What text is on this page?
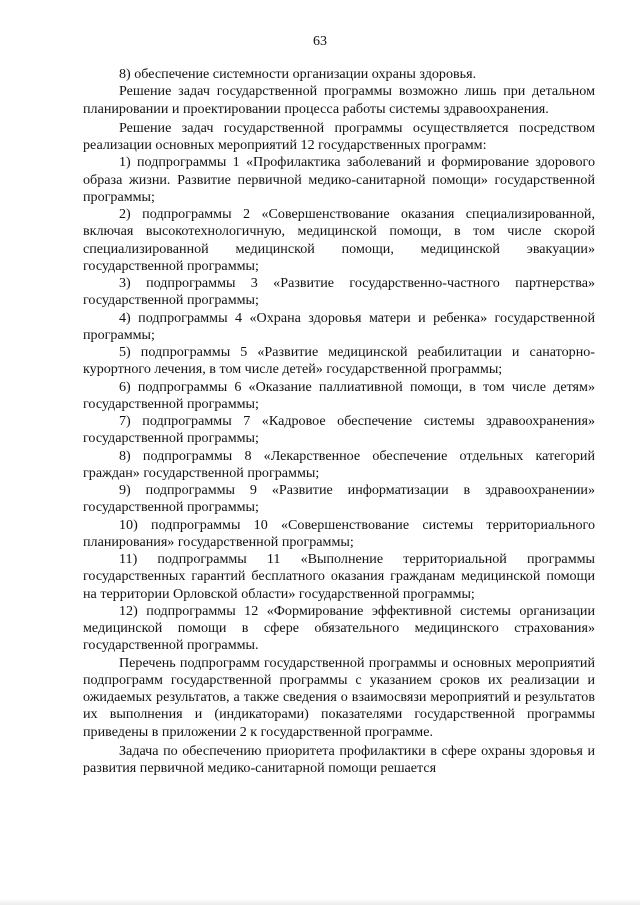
63

8) обеспечение системности организации охраны здоровья.

Решение задач государственной программы возможно лишь при детальном планировании и проектировании процесса работы системы здравоохранения.

Решение задач государственной программы осуществляется посредством реализации основных мероприятий 12 государственных программ:

1) подпрограммы 1 «Профилактика заболеваний и формирование здорового образа жизни. Развитие первичной медико-санитарной помощи» государственной программы;

2) подпрограммы 2 «Совершенствование оказания специализированной, включая высокотехнологичную, медицинской помощи, в том числе скорой специализированной медицинской помощи, медицинской эвакуации» государственной программы;

3) подпрограммы 3 «Развитие государственно-частного партнерства» государственной программы;

4) подпрограммы 4 «Охрана здоровья матери и ребенка» государственной программы;

5) подпрограммы 5 «Развитие медицинской реабилитации и санаторно-курортного лечения, в том числе детей» государственной программы;

6) подпрограммы 6 «Оказание паллиативной помощи, в том числе детям» государственной программы;

7) подпрограммы 7 «Кадровое обеспечение системы здравоохранения» государственной программы;

8) подпрограммы 8 «Лекарственное обеспечение отдельных категорий граждан» государственной программы;

9) подпрограммы 9 «Развитие информатизации в здравоохранении» государственной программы;

10) подпрограммы 10 «Совершенствование системы территориального планирования» государственной программы;

11) подпрограммы 11 «Выполнение территориальной программы государственных гарантий бесплатного оказания гражданам медицинской помощи на территории Орловской области» государственной программы;

12) подпрограммы 12 «Формирование эффективной системы организации медицинской помощи в сфере обязательного медицинского страхования» государственной программы.

Перечень подпрограмм государственной программы и основных мероприятий подпрограмм государственной программы с указанием сроков их реализации и ожидаемых результатов, а также сведения о взаимосвязи мероприятий и результатов их выполнения и (индикаторами) показателями государственной программы приведены в приложении 2 к государственной программе.

Задача по обеспечению приоритета профилактики в сфере охраны здоровья и развития первичной медико-санитарной помощи решается
